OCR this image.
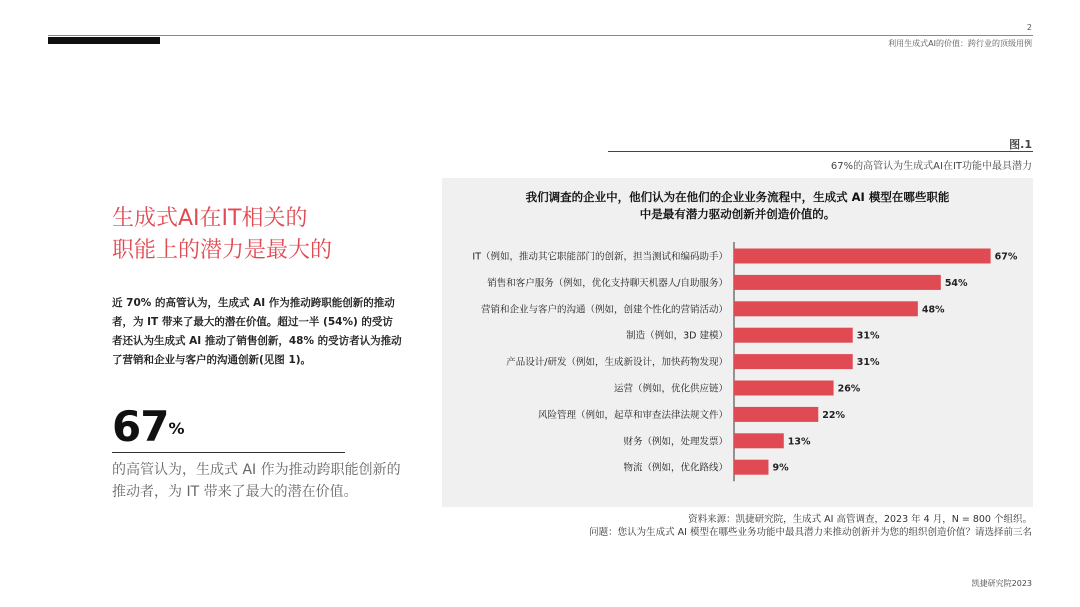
2
利用生成式AI的价值：跨行业的顶级用例
图.1
67%的高管认为生成式AI在IT功能中最具潜力
生成式AI在IT相关的
职能上的潜力是最大的
近 70% 的高管认为，生成式 AI 作为推动跨职能创新的推动者，为 IT 带来了最大的潜在价值。超过一半 (54%) 的受访者还认为生成式 AI 推动了销售创新，48% 的受访者认为推动了营销和企业与客户的沟通创新(见图 1)。
67%
的高管认为，生成式 AI 作为推动跨职能创新的推动者，为 IT 带来了最大的潜在价值。
我们调查的企业中，他们认为在他们的企业业务流程中，生成式 AI 模型在哪些职能
中是最有潜力驱动创新并创造价值的。
IT（例如，推动其它职能部门的创新，担当测试和编码助手）	67%
销售和客户服务（例如，优化支持聊天机器人/自助服务）	54%
营销和企业与客户的沟通（例如，创建个性化的营销活动）	48%
制造（例如，3D 建模）	31%
产品设计/研发（例如，生成新设计，加快药物发现）	31%
运营（例如，优化供应链）	26%
风险管理（例如，起草和审查法律法规文件）	22%
财务（例如，处理发票）	13%
物流（例如，优化路线）	9%
资料来源：凯捷研究院，生成式 AI 高管调查，2023 年 4 月，N = 800 个组织。
问题：您认为生成式 AI 模型在哪些业务功能中最具潜力来推动创新并为您的组织创造价值？请选择前三名
凯捷研究院2023
